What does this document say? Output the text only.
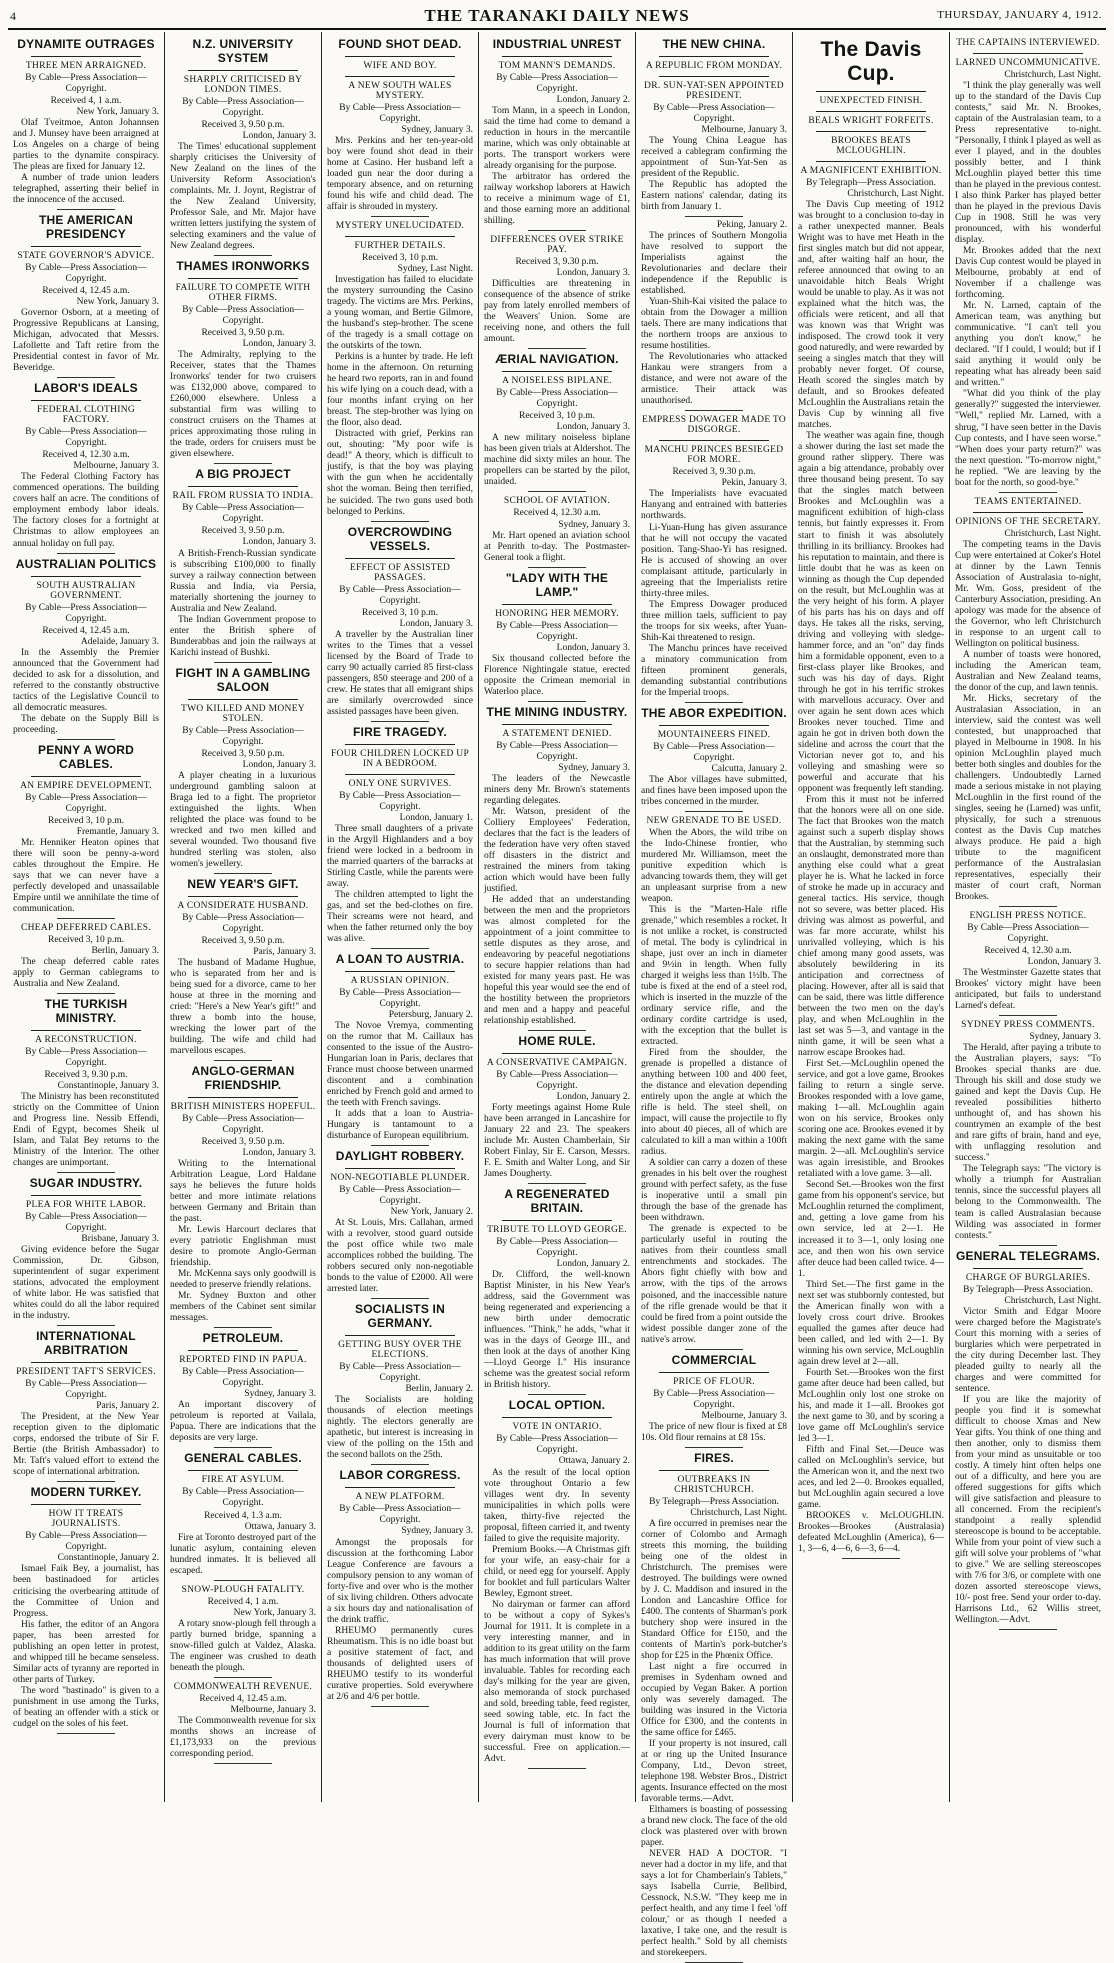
4	THE TARANAKI DAILY NEWS	THURSDAY, JANUARY 4, 1912.
DYNAMITE OUTRAGES
THREE MEN ARRAIGNED.

By Cable—Press Association—Copyright.

Received 4, 1 a.m.

New York, January 3.

Olaf Tveitmoe, Anton Johannsen and J. Munsey have been arraigned at Los Angeles on a charge of being parties to the dynamite conspiracy. The pleas are fixed for January 12.

A number of trade union leaders telegraphed, asserting their belief in the innocence of the accused.

THE AMERICAN PRESIDENCY
STATE GOVERNOR'S ADVICE.

By Cable—Press Association—Copyright.

Received 4, 12.45 a.m.

New York, January 3.

Governor Osborn, at a meeting of Progressive Republicans at Lansing, Michigan, advocated that Messrs. Lafollette and Taft retire from the Presidential contest in favor of Mr. Beveridge.

LABOR'S IDEALS
FEDERAL CLOTHING FACTORY.

By Cable—Press Association—Copyright.

Received 4, 12.30 a.m.

Melbourne, January 3.

The Federal Clothing Factory has commenced operations. The building covers half an acre. The conditions of employment embody labor ideals. The factory closes for a fortnight at Christmas to allow employees an annual holiday on full pay.

AUSTRALIAN POLITICS
SOUTH AUSTRALIAN GOVERNMENT.

By Cable—Press Association—Copyright.

Received 4, 12.45 a.m.

Adelaide, January 3.

In the Assembly the Premier announced that the Government had decided to ask for a dissolution, and referred to the constantly obstructive tactics of the Legislative Council to all democratic measures.

The debate on the Supply Bill is proceeding.

PENNY A WORD CABLES.
AN EMPIRE DEVELOPMENT.

By Cable—Press Association—Copyright.

Received 3, 10 p.m.

Fremantle, January 3.

Mr. Henniker Heaton opines that there will soon be penny-a-word cables throughout the Empire. He says that we can never have a perfectly developed and unassailable Empire until we annihilate the time of communication.

CHEAP DEFERRED CABLES.

Received 3, 10 p.m.

Berlin, January 3.

The cheap deferred cable rates apply to German cablegrams to Australia and New Zealand.

THE TURKISH MINISTRY.
A RECONSTRUCTION.

By Cable—Press Association—Copyright.

Received 3, 9.30 p.m.

Constantinople, January 3.

The Ministry has been reconstituted strictly on the Committee of Union and Progress line. Nessib Effendi, Endi of Egypt, becomes Sheik ul Islam, and Talat Bey returns to the Ministry of the Interior. The other changes are unimportant.

SUGAR INDUSTRY.
PLEA FOR WHITE LABOR.

By Cable—Press Association—Copyright.

Brisbane, January 3.

Giving evidence before the Sugar Commission, Dr. Gibson, superintendent of sugar experiment stations, advocated the employment of white labor. He was satisfied that whites could do all the labor required in the industry.

INTERNATIONAL ARBITRATION
PRESIDENT TAFT'S SERVICES.

By Cable—Press Association—Copyright.

Paris, January 2.

The President, at the New Year reception given to the diplomatic corps, endorsed the tribute of Sir F. Bertie (the British Ambassador) to Mr. Taft's valued effort to extend the scope of international arbitration.

MODERN TURKEY.
HOW IT TREATS JOURNALISTS.

By Cable—Press Association—Copyright.

Constantinople, January 2.

Ismael Faik Bey, a journalist, has been bastinadoed for articles criticising the overbearing attitude of the Committee of Union and Progress.

His father, the editor of an Angora paper, has been arrested for publishing an open letter in protest, and whipped till he became senseless. Similar acts of tyranny are reported in other parts of Turkey.

The word "bastinado" is given to a punishment in use among the Turks, of beating an offender with a stick or cudgel on the soles of his feet.

N.Z. UNIVERSITY SYSTEM
SHARPLY CRITICISED BY LONDON TIMES.

By Cable—Press Association—Copyright.

Received 3, 9.50 p.m.

London, January 3.

The Times' educational supplement sharply criticises the University of New Zealand on the lines of the University Reform Association's complaints. Mr. J. Joynt, Registrar of the New Zealand University, Professor Sale, and Mr. Major have written letters justifying the system of selecting examiners and the value of New Zealand degrees.

THAMES IRONWORKS
FAILURE TO COMPETE WITH OTHER FIRMS.

By Cable—Press Association—Copyright.

Received 3, 9.50 p.m.

London, January 3.

The Admiralty, replying to the Receiver, states that the Thames Ironworks' tender for two cruisers was £132,000 above, compared to £260,000 elsewhere. Unless a substantial firm was willing to construct cruisers on the Thames at prices approximating those ruling in the trade, orders for cruisers must be given elsewhere.

A BIG PROJECT
RAIL FROM RUSSIA TO INDIA.

By Cable—Press Association—Copyright.

Received 3, 9.50 p.m.

London, January 3.

A British-French-Russian syndicate is subscribing £100,000 to finally survey a railway connection between Russia and India, via Persia, materially shortening the journey to Australia and New Zealand.

The Indian Government propose to enter the British sphere of Bunderabbas and join the railways at Karichi instead of Bushki.

FIGHT IN A GAMBLING SALOON
TWO KILLED AND MONEY STOLEN.

By Cable—Press Association—Copyright.

Received 3, 9.50 p.m.

London, January 3.

A player cheating in a luxurious underground gambling saloon at Braga led to a fight. The proprietor extinguished the lights. When relighted the place was found to be wrecked and two men killed and several wounded. Two thousand five hundred sterling was stolen, also women's jewellery.

NEW YEAR'S GIFT.
A CONSIDERATE HUSBAND.

By Cable—Press Association—Copyright.

Received 3, 9.50 p.m.

Paris, January 3.

The husband of Madame Hughue, who is separated from her and is being sued for a divorce, came to her house at three in the morning and cried: "Here's a New Year's gift!" and threw a bomb into the house, wrecking the lower part of the building. The wife and child had marvellous escapes.

ANGLO-GERMAN FRIENDSHIP.
BRITISH MINISTERS HOPEFUL.

By Cable—Press Association—Copyright.

Received 3, 9.50 p.m.

London, January 3.

Writing to the International Arbitration League, Lord Haldane says he believes the future holds better and more intimate relations between Germany and Britain than the past.

Mr. Lewis Harcourt declares that every patriotic Englishman must desire to promote Anglo-German friendship.

Mr. McKenna says only goodwill is needed to preserve friendly relations.

Mr. Sydney Buxton and other members of the Cabinet sent similar messages.

PETROLEUM.
REPORTED FIND IN PAPUA.

By Cable—Press Association—Copyright.

Sydney, January 3.

An important discovery of petroleum is reported at Vailala, Papua. There are indications that the deposits are very large.

GENERAL CABLES.
FIRE AT ASYLUM.

By Cable—Press Association—Copyright.

Received 4, 1.3 a.m.

Ottawa, January 3.

Fire at Toronto destroyed part of the lunatic asylum, containing eleven hundred inmates. It is believed all escaped.

SNOW-PLOUGH FATALITY.

Received 4, 1 a.m.

New York, January 3.

A rotary snow-plough fell through a partly burned bridge, spanning a snow-filled gulch at Valdez, Alaska. The engineer was crushed to death beneath the plough.

COMMONWEALTH REVENUE.

Received 4, 12.45 a.m.

Melbourne, January 3.

The Commonwealth revenue for six months shows an increase of £1,173,933 on the previous corresponding period.

FOUND SHOT DEAD.
WIFE AND BOY.
A NEW SOUTH WALES MYSTERY.

By Cable—Press Association—Copyright.

Sydney, January 3.

Mrs. Perkins and her ten-year-old boy were found shot dead in their home at Casino. Her husband left a loaded gun near the door during a temporary absence, and on returning found his wife and child dead. The affair is shrouded in mystery.

MYSTERY UNELUCIDATED.
FURTHER DETAILS.

Received 3, 10 p.m.

Sydney, Last Night.

Investigation has failed to elucidate the mystery surrounding the Casino tragedy. The victims are Mrs. Perkins, a young woman, and Bertie Gilmore, the husband's step-brother. The scene of the tragedy is a small cottage on the outskirts of the town.

Perkins is a hunter by trade. He left home in the afternoon. On returning he heard two reports, ran in and found his wife lying on a couch dead, with a four months infant crying on her breast. The step-brother was lying on the floor, also dead.

Distracted with grief, Perkins ran out, shouting: "My poor wife is dead!" A theory, which is difficult to justify, is that the boy was playing with the gun when he accidentally shot the woman. Being then terrified, he suicided. The two guns used both belonged to Perkins.

OVERCROWDING VESSELS.
EFFECT OF ASSISTED PASSAGES.

By Cable—Press Association—Copyright.

Received 3, 10 p.m.

London, January 3.

A traveller by the Australian liner writes to the Times that a vessel licensed by the Board of Trade to carry 90 actually carried 85 first-class passengers, 850 steerage and 200 of a crew. He states that all emigrant ships are similarly overcrowded since assisted passages have been given.

FIRE TRAGEDY.
FOUR CHILDREN LOCKED UP IN A BEDROOM.
ONLY ONE SURVIVES.

By Cable—Press Association—Copyright.

London, January 1.

Three small daughters of a private in the Argyll Highlanders and a boy friend were locked in a bedroom in the married quarters of the barracks at Stirling Castle, while the parents were away.

The children attempted to light the gas, and set the bed-clothes on fire. Their screams were not heard, and when the father returned only the boy was alive.

A LOAN TO AUSTRIA.
A RUSSIAN OPINION.

By Cable—Press Association—Copyright.

Petersburg, January 2.

The Novoe Vremya, commenting on the rumor that M. Caillaux has consented to the issue of the Austro-Hungarian loan in Paris, declares that France must choose between unarmed discontent and a combination enriched by French gold and armed to the teeth with French savings.

It adds that a loan to Austria-Hungary is tantamount to a disturbance of European equilibrium.

DAYLIGHT ROBBERY.
NON-NEGOTIABLE PLUNDER.

By Cable—Press Association—Copyright.

New York, January 2.

At St. Louis, Mrs. Callahan, armed with a revolver, stood guard outside the post office while two male accomplices robbed the building. The robbers secured only non-negotiable bonds to the value of £2000. All were arrested later.

SOCIALISTS IN GERMANY.
GETTING BUSY OVER THE ELECTIONS.

By Cable—Press Association—Copyright.

Berlin, January 2.

The Socialists are holding thousands of election meetings nightly. The electors generally are apathetic, but interest is increasing in view of the polling on the 15th and the second ballots on the 25th.

LABOR CORGRESS.
A NEW PLATFORM.

By Cable—Press Association—Copyright.

Sydney, January 3.

Amongst the proposals for discussion at the forthcoming Labor League Conference are favours a compulsory pension to any woman of forty-five and over who is the mother of six living children. Others advocate a six hours day and nationalisation of the drink traffic.

RHEUMO permanently cures Rheumatism. This is no idle boast but a positive statement of fact, and thousands of delighted users of RHEUMO testify to its wonderful curative properties. Sold everywhere at 2/6 and 4/6 per bottle.

INDUSTRIAL UNREST
TOM MANN'S DEMANDS.

By Cable—Press Association—Copyright.

London, January 2.

Tom Mann, in a speech in London, said the time had come to demand a reduction in hours in the mercantile marine, which was only obtainable at ports. The transport workers were already organising for the purpose.

The arbitrator has ordered the railway workshop laborers at Hawich to receive a minimum wage of £1, and those earning more an additional shilling.

DIFFERENCES OVER STRIKE PAY.

Received 3, 9.30 p.m.

London, January 3.

Difficulties are threatening in consequence of the absence of strike pay from lately enrolled members of the Weavers' Union. Some are receiving none, and others the full amount.

ÆRIAL NAVIGATION.
A NOISELESS BIPLANE.

By Cable—Press Association—Copyright.

Received 3, 10 p.m.

London, January 3.

A new military noiseless biplane has been given trials at Aldershot. The machine did sixty miles an hour. The propellers can be started by the pilot, unaided.

SCHOOL OF AVIATION.

Received 4, 12.30 a.m.

Sydney, January 3.

Mr. Hart opened an aviation school at Penrith to-day. The Postmaster-General took a flight.

"LADY WITH THE LAMP."
HONORING HER MEMORY.

By Cable—Press Association—Copyright.

London, January 3.

Six thousand collected before the Florence Nightingale statue, erected opposite the Crimean memorial in Waterloo place.

THE MINING INDUSTRY.
A STATEMENT DENIED.

By Cable—Press Association—Copyright.

Sydney, January 3.

The leaders of the Newcastle miners deny Mr. Brown's statements regarding delegates.

Mr. Watson, president of the Colliery Employees' Federation, declares that the fact is the leaders of the federation have very often staved off disasters in the district and restrained the miners from taking action which would have been fully justified.

He added that an understanding between the men and the proprietors was almost completed for the appointment of a joint committee to settle disputes as they arose, and endeavoring by peaceful negotiations to secure happier relations than had existed for many years past. He was hopeful this year would see the end of the hostility between the proprietors and men and a happy and peaceful relationship established.

HOME RULE.
A CONSERVATIVE CAMPAIGN.

By Cable—Press Association—Copyright.

London, January 2.

Forty meetings against Home Rule have been arranged in Lancashire for January 22 and 23. The speakers include Mr. Austen Chamberlain, Sir Robert Finlay, Sir E. Carson, Messrs. F. E. Smith and Walter Long, and Sir James Dougherty.

A REGENERATED BRITAIN.
TRIBUTE TO LLOYD GEORGE.

By Cable—Press Association—Copyright.

London, January 2.

Dr. Clifford, the well-known Baptist Minister, in his New Year's address, said the Government was being regenerated and experiencing a new birth under democratic influences. "Think," he adds, "what it was in the days of George III., and then look at the days of another King—Lloyd George I." His insurance scheme was the greatest social reform in British history.

LOCAL OPTION.
VOTE IN ONTARIO.

By Cable—Press Association—Copyright.

Ottawa, January 2.

As the result of the local option vote throughout Ontario a few villages went dry. In seventy municipalities in which polls were taken, thirty-five rejected the proposal, fifteen carried it, and twenty failed to give the requisite majority.

Premium Books.—A Christmas gift for your wife, an easy-chair for a child, or need egg for yourself. Apply for booklet and full particulars Walter Bewley, Egmont street.

No dairyman or farmer can afford to be without a copy of Sykes's Journal for 1911. It is complete in a very interesting manner, and in addition to its great utility on the farm has much information that will prove invaluable. Tables for recording each day's milking for the year are given, also memoranda of stock purchased and sold, breeding table, feed register, seed sowing table, etc. In fact the Journal is full of information that every dairyman must know to be successful. Free on application.—Advt.

THE NEW CHINA.
A REPUBLIC FROM MONDAY.
DR. SUN-YAT-SEN APPOINTED PRESIDENT.

By Cable—Press Association—Copyright.

Melbourne, January 3.

The Young China League has received a cablegram confirming the appointment of Sun-Yat-Sen as president of the Republic.

The Republic has adopted the Eastern nations' calendar, dating its birth from January 1.

Peking, January 2.

The princes of Southern Mongolia have resolved to support the Imperialists against the Revolutionaries and declare their independence if the Republic is established.

Yuan-Shih-Kai visited the palace to obtain from the Dowager a million taels. There are many indications that the northern troops are anxious to resume hostilities.

The Revolutionaries who attacked Hankau were strangers from a distance, and were not aware of the armistice. Their attack was unauthorised.

EMPRESS DOWAGER MADE TO DISGORGE.
MANCHU PRINCES BESIEGED FOR MORE.

Received 3, 9.30 p.m.

Pekin, January 3.

The Imperialists have evacuated Hanyang and entrained with batteries northwards.

Li-Yuan-Hung has given assurance that he will not occupy the vacated position. Tang-Shao-Yi has resigned. He is accused of showing an over complaisant attitude, particularly in agreeing that the Imperialists retire thirty-three miles.

The Empress Dowager produced three million taels, sufficient to pay the troops for six weeks, after Yuan-Shih-Kai threatened to resign.

The Manchu princes have received a minatory communication from fifteen prominent generals, demanding substantial contributions for the Imperial troops.

THE ABOR EXPEDITION.
MOUNTAINEERS FINED.

By Cable—Press Association—Copyright.

Calcutta, January 2.

The Abor villages have submitted, and fines have been imposed upon the tribes concerned in the murder.

NEW GRENADE TO BE USED.

When the Abors, the wild tribe on the Indo-Chinese frontier, who murdered Mr. Williamson, meet the punitive expedition which is advancing towards them, they will get an unpleasant surprise from a new weapon.

This is the "Marten-Hale rifle grenade," which resembles a rocket. It is not unlike a rocket, is constructed of metal. The body is cylindrical in shape, just over an inch in diameter and 9½in in length. When fully charged it weighs less than 1½lb. The tube is fixed at the end of a steel rod, which is inserted in the muzzle of the ordinary service rifle, and the ordinary cordite cartridge is used, with the exception that the bullet is extracted.

Fired from the shoulder, the grenade is propelled a distance of anything between 100 and 400 feet, the distance and elevation depending entirely upon the angle at which the rifle is held. The steel shell, on impact, will cause the projectile to fly into about 40 pieces, all of which are calculated to kill a man within a 100ft radius.

A soldier can carry a dozen of these grenades in his belt over the roughest ground with perfect safety, as the fuse is inoperative until a small pin through the base of the grenade has been withdrawn.

The grenade is expected to be particularly useful in routing the natives from their countless small entrenchments and stockades. The Abors fight chiefly with bow and arrow, with the tips of the arrows poisoned, and the inaccessible nature of the rifle grenade would be that it could be fired from a point outside the widest possible danger zone of the native's arrow.

COMMERCIAL
PRICE OF FLOUR.

By Cable—Press Association—Copyright.

Melbourne, January 3.

The price of new flour is fixed at £8 10s. Old flour remains at £8 15s.

FIRES.
OUTBREAKS IN CHRISTCHURCH.

By Telegraph—Press Association.

Christchurch, Last Night.

A fire occurred in premises near the corner of Colombo and Armagh streets this morning, the building being one of the oldest in Christchurch. The premises were destroyed. The buildings were owned by J. C. Maddison and insured in the London and Lancashire Office for £400. The contents of Sharman's pork butchery shop were insured in the Standard Office for £150, and the contents of Martin's pork-butcher's shop for £25 in the Phœnix Office.

Last night a fire occurred in premises in Sydenham owned and occupied by Vegan Baker. A portion only was severely damaged. The building was insured in the Victoria Office for £300, and the contents in the same office for £465.

If your property is not insured, call at or ring up the United Insurance Company, Ltd., Devon street, telephone 198. Webster Bros., District agents. Insurance effected on the most favorable terms.—Advt.

Elthamers is boasting of possessing a brand new clock. The face of the old clock was plastered over with brown paper.

NEVER HAD A DOCTOR. "I never had a doctor in my life, and that says a lot for Chamberlain's Tablets," says Isabella Currie, Bellbird, Cessnock, N.S.W. "They keep me in perfect health, and any time I feel 'off colour,' or as though I needed a laxative, I take one, and the result is perfect health." Sold by all chemists and storekeepers.

The Davis Cup.
UNEXPECTED FINISH.
BEALS WRIGHT FORFEITS.
BROOKES BEATS MCLOUGHLIN.
A MAGNIFICENT EXHIBITION.

By Telegraph—Press Association.

Christchurch, Last Night.

The Davis Cup meeting of 1912 was brought to a conclusion to-day in a rather unexpected manner. Beals Wright was to have met Heath in the first singles match but did not appear, and, after waiting half an hour, the referee announced that owing to an unavoidable hitch Beals Wright would be unable to play. As it was not explained what the hitch was, the officials were reticent, and all that was known was that Wright was indisposed. The crowd took it very good naturedly, and were rewarded by seeing a singles match that they will probably never forget. Of course, Heath scored the singles match by default, and so Brookes defeated McLoughlin the Australians retain the Davis Cup by winning all five matches.

The weather was again fine, though a shower during the last set made the ground rather slippery. There was again a big attendance, probably over three thousand being present. To say that the singles match between Brookes and McLoughlin was a magnificent exhibition of high-class tennis, but faintly expresses it. From start to finish it was absolutely thrilling in its brilliancy. Brookes had his reputation to maintain, and there is little doubt that he was as keen on winning as though the Cup depended on the result, but McLoughlin was at the very height of his form. A player of his parts has his on days and off days. He takes all the risks, serving, driving and volleying with sledge-hammer force, and an "on" day finds him a formidable opponent, even to a first-class player like Brookes, and such was his day of days. Right through he got in his terrific strokes with marvellous accuracy. Over and over again he sent down aces which Brookes never touched. Time and again he got in driven both down the sideline and across the court that the Victorian never got to, and his volleying and smashing were so powerful and accurate that his opponent was frequently left standing.

From this it must not be inferred that the honors were all on one side. The fact that Brookes won the match against such a superb display shows that the Australian, by stemming such an onslaught, demonstrated more than anything else could what a great player he is. What he lacked in force of stroke he made up in accuracy and general tactics. His service, though not so severe, was better placed. His driving was almost as powerful, and was far more accurate, whilst his unrivalled volleying, which is his chief among many good assets, was absolutely bewildering in its anticipation and correctness of placing. However, after all is said that can be said, there was little difference between the two men on the day's play, and when McLoughlin in the last set was 5—3, and vantage in the ninth game, it will be seen what a narrow escape Brookes had.

First Set.—McLoughlin opened the service, and got a love game, Brookes failing to return a single serve. Brookes responded with a love game, making 1—all. McLoughlin again won on his service, Brookes only scoring one ace. Brookes evened it by making the next game with the same margin. 2—all. McLoughlin's service was again irresistible, and Brookes retaliated with a love game. 3—all.

Second Set.—Brookes won the first game from his opponent's service, but McLoughlin returned the compliment, and, getting a love game from his own service, led at 2—1. He increased it to 3—1, only losing one ace, and then won his own service after deuce had been called twice. 4—1.

Third Set.—The first game in the next set was stubbornly contested, but the American finally won with a lovely cross court drive. Brookes equalled the games after deuce had been called, and led with 2—1. By winning his own service, McLoughlin again drew level at 2—all.

Fourth Set.—Brookes won the first game after deuce had been called, but McLoughlin only lost one stroke on his, and made it 1—all. Brookes got the next game to 30, and by scoring a love game off McLoughlin's service led 3—1.

Fifth and Final Set.—Deuce was called on McLoughlin's service, but the American won it, and the next two aces, and led 2—0. Brookes equalled, but McLoughlin again secured a love game.

BROOKES v. McLOUGHLIN. Brookes—Brookes (Australasia) defeated McLoughlin (America), 6—1, 3—6, 4—6, 6—3, 6—4.

THE CAPTAINS INTERVIEWED.
LARNED UNCOMMUNICATIVE.

Christchurch, Last Night.

"I think the play generally was well up to the standard of the Davis Cup contests," said Mr. N. Brookes, captain of the Australasian team, to a Press representative to-night. "Personally, I think I played as well as ever I played, and in the doubles possibly better, and I think McLoughlin played better this time than he played in the previous contest. I also think Parker has played better than he played in the previous Davis Cup in 1908. Still he was very pronounced, with his wonderful display.

Mr. Brookes added that the next Davis Cup contest would be played in Melbourne, probably at end of November if a challenge was forthcoming.

Mr. N. Larned, captain of the American team, was anything but communicative. "I can't tell you anything you don't know," he declared. "If I could, I would; but if I said anything it would only be repeating what has already been said and written."

"What did you think of the play generally?" suggested the interviewer. "Well," replied Mr. Larned, with a shrug, "I have seen better in the Davis Cup contests, and I have seen worse." "When does your party return?" was the next question. "To-morrow night," he replied. "We are leaving by the boat for the north, so good-bye."

TEAMS ENTERTAINED.
OPINIONS OF THE SECRETARY.

Christchurch, Last Night.

The competing teams in the Davis Cup were entertained at Coker's Hotel at dinner by the Lawn Tennis Association of Australasia to-night, Mr. Wm. Goss, president of the Canterbury Association, presiding. An apology was made for the absence of the Governor, who left Christchurch in response to an urgent call to Wellington on political business.

A number of toasts were honored, including the American team, Australian and New Zealand teams, the donor of the cup, and lawn tennis.

Mr. Hicks, secretary of the Australasian Association, in an interview, said the contest was well contested, but unapproached that played in Melbourne in 1908. In his opinion McLoughlin played much better both singles and doubles for the challengers. Undoubtedly Larned made a serious mistake in not playing McLoughlin in the first round of the singles, seeing he (Larned) was unfit, physically, for such a strenuous contest as the Davis Cup matches always produce. He paid a high tribute to the magnificent performance of the Australasian representatives, especially their master of court craft, Norman Brookes.

ENGLISH PRESS NOTICE.

By Cable—Press Association—Copyright.

Received 4, 12.30 a.m.

London, January 3.

The Westminster Gazette states that Brookes' victory might have been anticipated, but fails to understand Larned's defeat.

SYDNEY PRESS COMMENTS.

Sydney, January 3.

The Herald, after paying a tribute to the Australian players, says: "To Brookes special thanks are due. Through his skill and dose study we gained and kept the Davis Cup. He revealed possibilities hitherto unthought of, and has shown his countrymen an example of the best and rare gifts of brain, hand and eye, with unflagging resolution and success."

The Telegraph says: "The victory is wholly a triumph for Australian tennis, since the successful players all belong to the Commonwealth. The team is called Australasian because Wilding was associated in former contests."

GENERAL TELEGRAMS.
CHARGE OF BURGLARIES.

By Telegraph—Press Association.

Christchurch, Last Night.

Victor Smith and Edgar Moore were charged before the Magistrate's Court this morning with a series of burglaries which were perpetrated in the city during December last. They pleaded guilty to nearly all the charges and were committed for sentence.

If you are like the majority of people you find it is somewhat difficult to choose Xmas and New Year gifts. You think of one thing and then another, only to dismiss them from your mind as unsuitable or too costly. A timely hint often helps one out of a difficulty, and here you are offered suggestions for gifts which will give satisfaction and pleasure to all concerned. From the recipient's standpoint a really splendid stereoscope is bound to be acceptable. While from your point of view such a gift will solve your problems of "what to give." We are selling stereoscopes with 7/6 for 3/6, or complete with one dozen assorted stereoscope views, 10/- post free. Send your order to-day. Harrisons Ltd., 62 Willis street, Wellington.—Advt.
